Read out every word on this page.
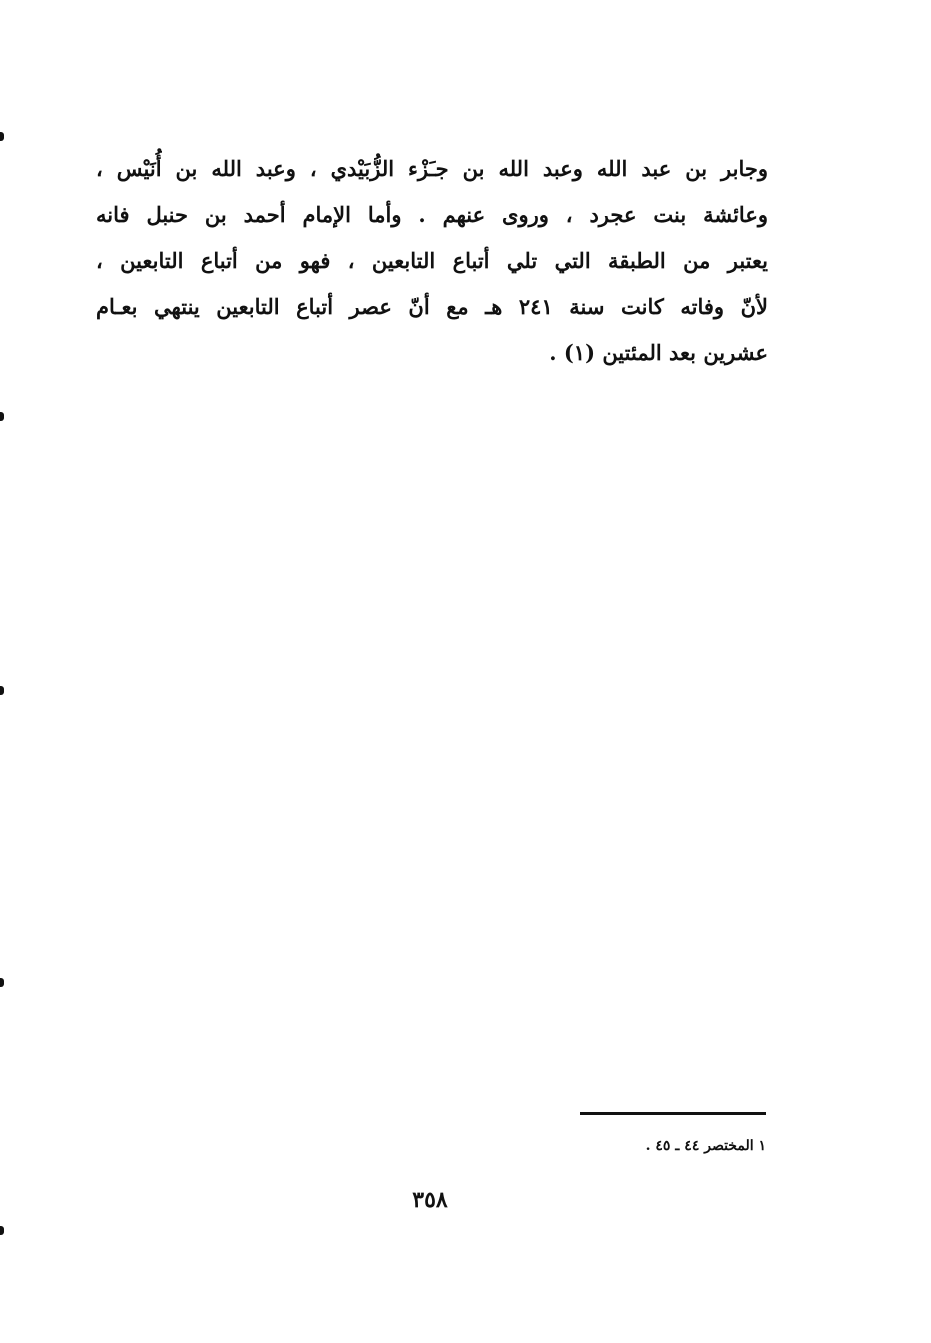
وجابر بن عبد الله وعبد الله بن جـَزْء الزُّبَيْدي ، وعبد الله بن أُنَيْس ،
وعائشة بنت عجرد ، وروى عنهم . وأما الإمام أحمد بن حنبل فانه
يعتبر من الطبقة التي تلي أتباع التابعين ، فهو من أتباع التابعين ،
لأنّ وفاته كانت سنة ٢٤١ هـ مع أنّ عصر أتباع التابعين ينتهي بعـام
عشرين بعد المئتين (١) .
١ المختصر ٤٤ ـ ٤٥ .
٣٥٨
